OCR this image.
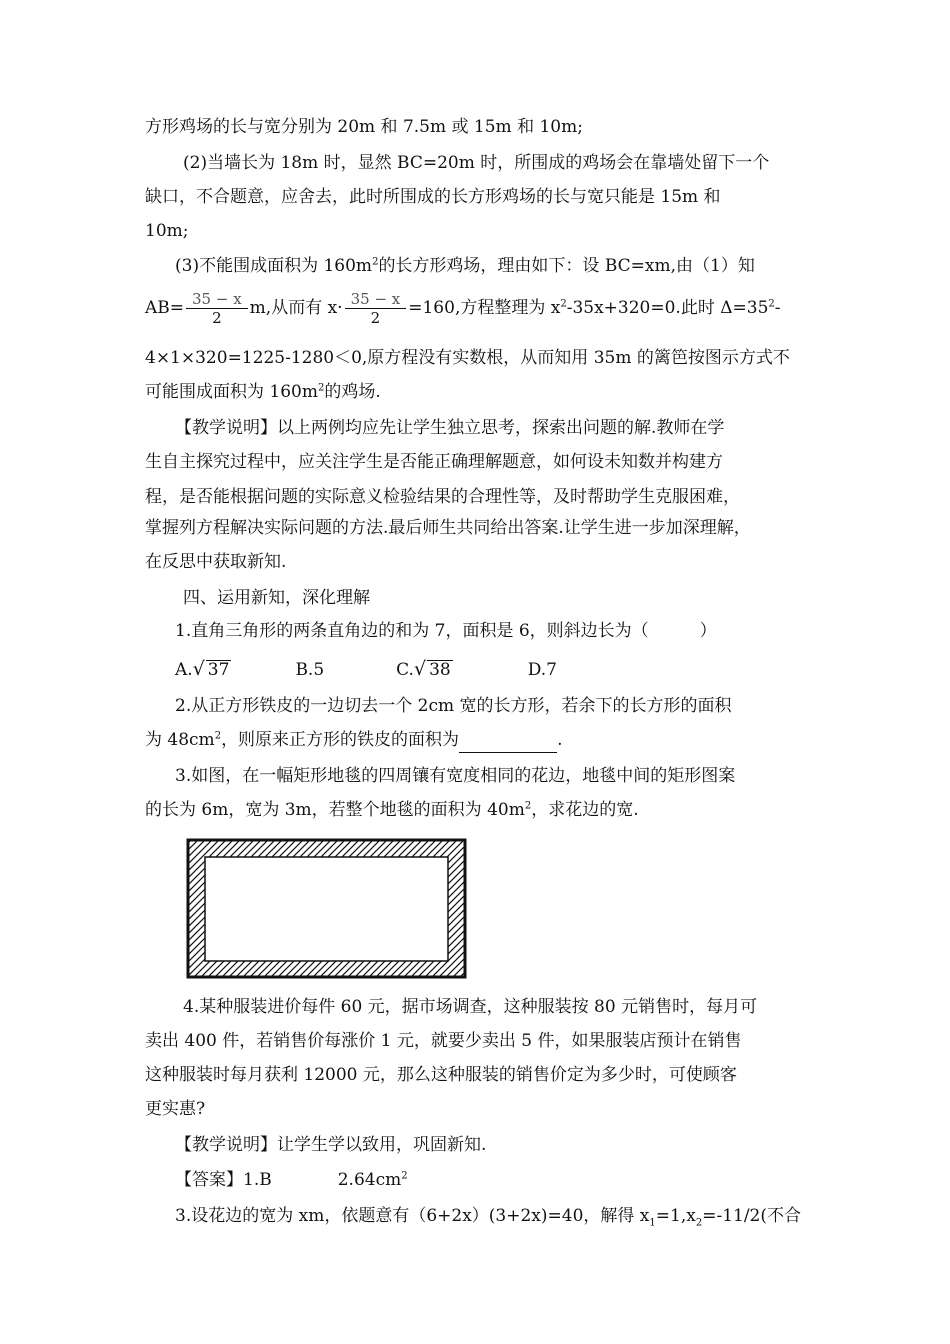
方形鸡场的长与宽分别为 20m 和 7.5m 或 15m 和 10m;
(2)当墙长为 18m 时，显然 BC=20m 时，所围成的鸡场会在靠墙处留下一个
缺口，不合题意，应舍去，此时所围成的长方形鸡场的长与宽只能是 15m 和
10m;
(3)不能围成面积为 $160m^2$的长方形鸡场，理由如下：设 BC=xm,由（1）知
$AB= \frac{35 - x}{2} m$,从而有 $x\cdot \frac{35 - x}{2} =160$,方程整理为 $x^2-35x+320=0$.此时 $\Delta=35^2-$
4×1×320=1225-1280＜0,原方程没有实数根，从而知用 35m 的篱笆按图示方式不
可能围成面积为 $160m^2$的鸡场.
【教学说明】以上两例均应先让学生独立思考，探索出问题的解.教师在学
生自主探究过程中，应关注学生是否能正确理解题意，如何设未知数并构建方
程，是否能根据问题的实际意义检验结果的合理性等，及时帮助学生克服困难，
掌握列方程解决实际问题的方法.最后师生共同给出答案.让学生进一步加深理解，
在反思中获取新知.
四、运用新知，深化理解
1.直角三角形的两条直角边的和为 7，面积是 6，则斜边长为（　　　）
A.√ 37	B.5	C.√ 38	D.7
2.从正方形铁皮的一边切去一个 2cm 宽的长方形，若余下的长方形的面积
为 $48cm^2$，则原来正方形的铁皮的面积为	.
3.如图，在一幅矩形地毯的四周镶有宽度相同的花边，地毯中间的矩形图案
的长为 6m，宽为 3m，若整个地毯的面积为 $40m^2$，求花边的宽.
4.某种服装进价每件 60 元，据市场调查，这种服装按 80 元销售时，每月可
卖出 400 件，若销售价每涨价 1 元，就要少卖出 5 件，如果服装店预计在销售
这种服装时每月获利 12000 元，那么这种服装的销售价定为多少时，可使顾客
更实惠?
【教学说明】让学生学以致用，巩固新知.
【答案】1.B	$2.64cm^2$
3.设花边的宽为 xm，依题意有（6+2x）(3+2x)=40，解得 $x_1=1,x_2=-11/2$(不合
